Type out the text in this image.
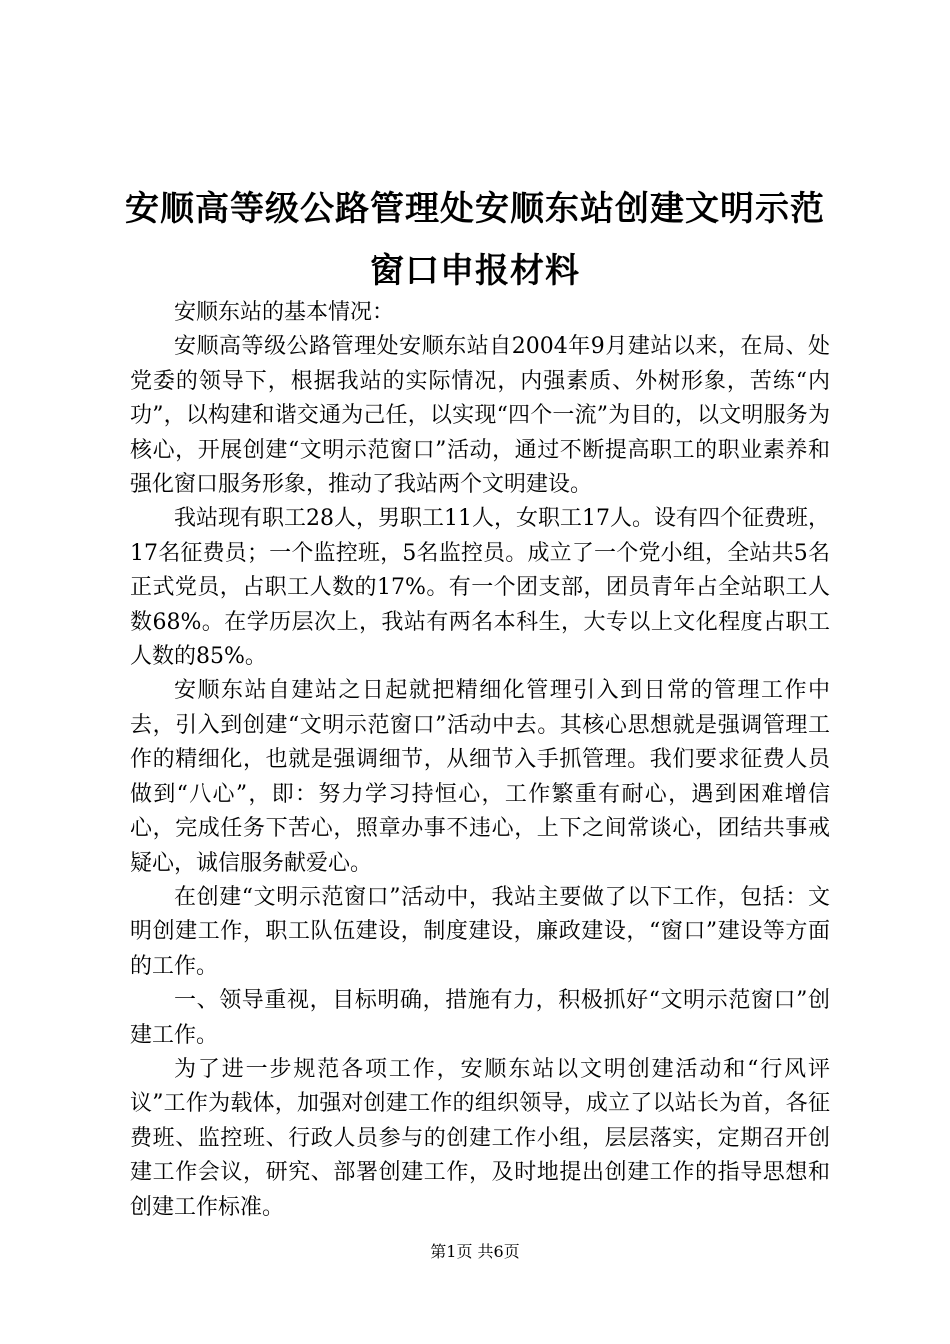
安顺高等级公路管理处安顺东站创建文明示范
窗口申报材料

安顺东站的基本情况：

安顺高等级公路管理处安顺东站自2004年9月建站以来，在局、处党委的领导下，根据我站的实际情况，内强素质、外树形象，苦练“内功”，以构建和谐交通为己任，以实现“四个一流”为目的，以文明服务为核心，开展创建“文明示范窗口”活动，通过不断提高职工的职业素养和强化窗口服务形象，推动了我站两个文明建设。

我站现有职工28人，男职工11人，女职工17人。设有四个征费班，17名征费员；一个监控班，5名监控员。成立了一个党小组，全站共5名正式党员，占职工人数的17%。有一个团支部，团员青年占全站职工人数68%。在学历层次上，我站有两名本科生，大专以上文化程度占职工人数的85%。

安顺东站自建站之日起就把精细化管理引入到日常的管理工作中去，引入到创建“文明示范窗口”活动中去。其核心思想就是强调管理工作的精细化，也就是强调细节，从细节入手抓管理。我们要求征费人员做到“八心”，即：努力学习持恒心，工作繁重有耐心，遇到困难增信心，完成任务下苦心，照章办事不违心，上下之间常谈心，团结共事戒疑心，诚信服务献爱心。

在创建“文明示范窗口”活动中，我站主要做了以下工作，包括：文明创建工作，职工队伍建设，制度建设，廉政建设，“窗口”建设等方面的工作。

一、领导重视，目标明确，措施有力，积极抓好“文明示范窗口”创建工作。

为了进一步规范各项工作，安顺东站以文明创建活动和“行风评议”工作为载体，加强对创建工作的组织领导，成立了以站长为首，各征费班、监控班、行政人员参与的创建工作小组，层层落实，定期召开创建工作会议，研究、部署创建工作，及时地提出创建工作的指导思想和创建工作标准。

第1页 共6页
